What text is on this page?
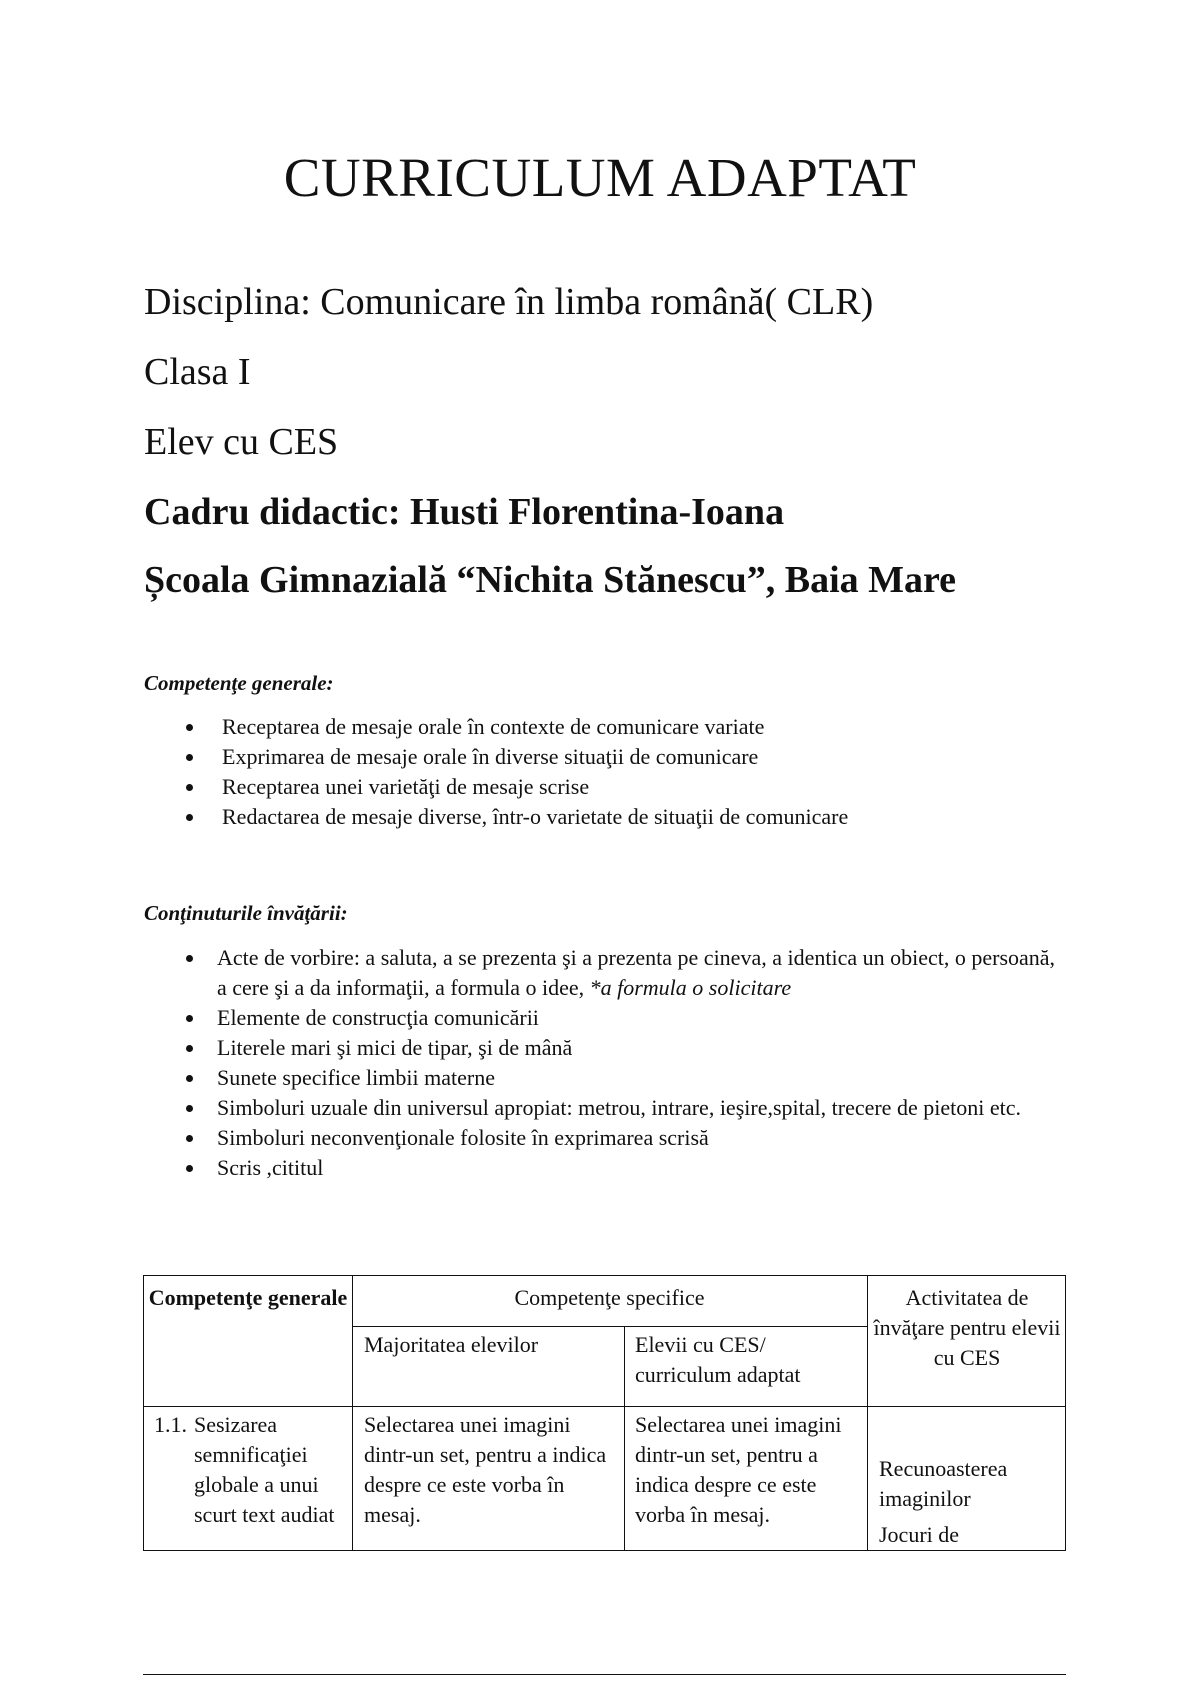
CURRICULUM ADAPTAT
Disciplina: Comunicare în limba română( CLR)
Clasa I
Elev cu CES
Cadru didactic: Husti Florentina-Ioana
Școala Gimnazială “Nichita Stănescu”, Baia Mare
Competenţe generale:
Receptarea de mesaje orale în contexte de comunicare variate
Exprimarea de mesaje orale în diverse situaţii de comunicare
Receptarea unei varietăţi de mesaje scrise
Redactarea de mesaje diverse, într-o varietate de situaţii de comunicare
Conţinuturile învăţării:
Acte de vorbire: a saluta, a se prezenta şi a prezenta pe cineva, a identica un obiect, o persoană, a cere şi a da informaţii, a formula o idee, *a formula o solicitare
Elemente de construcţia comunicării
Literele mari şi mici de tipar, şi de mână
Sunete specifice limbii materne
Simboluri uzuale din universul apropiat: metrou, intrare, ieşire,spital, trecere de pietoni etc.
Simboluri neconvenţionale folosite în exprimarea scrisă
Scris ,cititul
Competenţe generale	Competenţe specifice
Majoritatea elevilor	Elevii cu CES/ curriculum adaptat
Activitatea de învăţare pentru elevii cu CES
1.1. Sesizarea semnificaţiei globale a unui scurt text audiat
Selectarea unei imagini dintr-un set, pentru a indica despre ce este vorba în mesaj.
Selectarea unei imagini dintr-un set, pentru a indica despre ce este vorba în mesaj.
Recunoasterea imaginilor
Jocuri de
